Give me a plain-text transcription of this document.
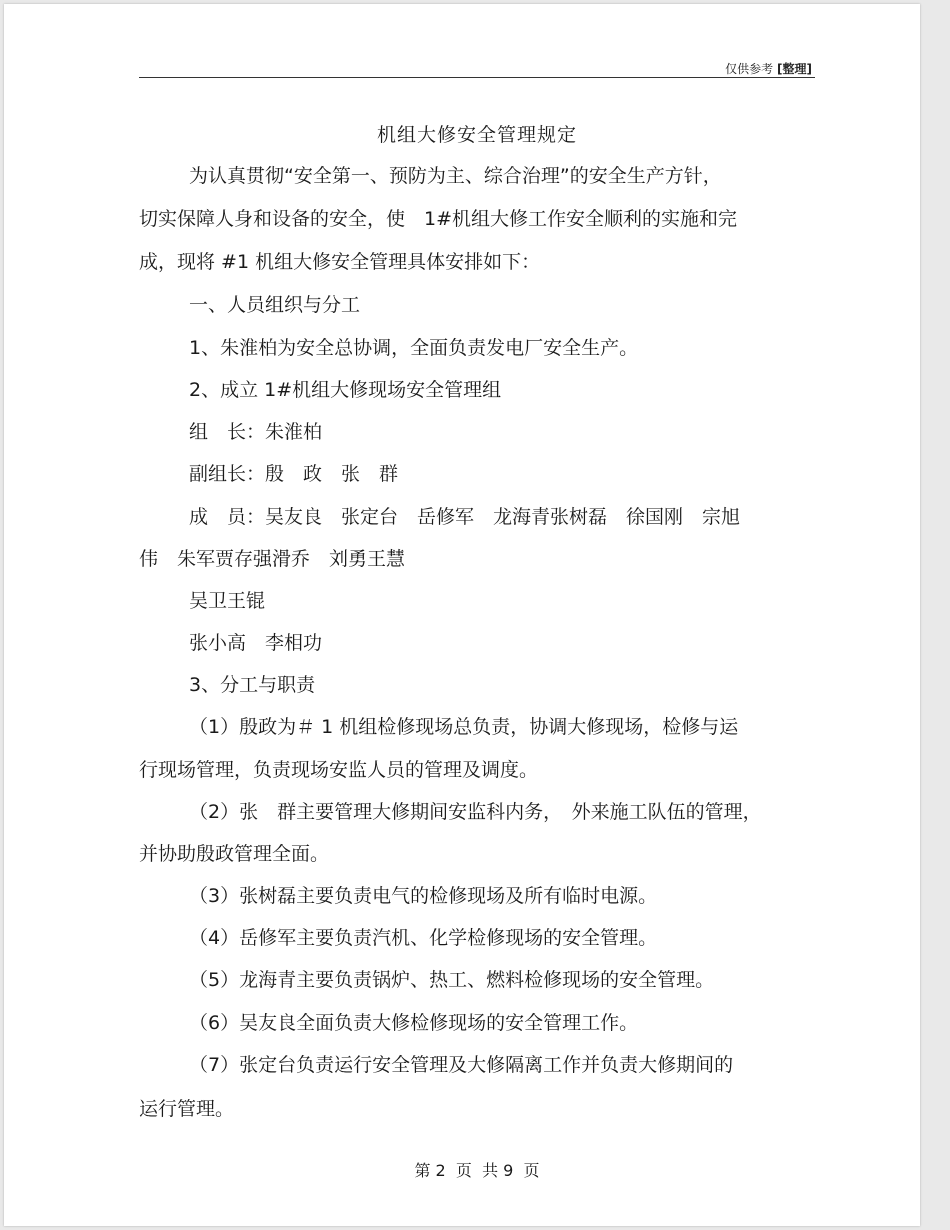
仅供参考 [整理]
机组大修安全管理规定
为认真贯彻“安全第一、预防为主、综合治理”的安全生产方针，
切实保障人身和设备的安全，使　1#机组大修工作安全顺利的实施和完
成，现将 #1 机组大修安全管理具体安排如下：
一、人员组织与分工
1、朱淮柏为安全总协调，全面负责发电厂安全生产。
2、成立 1#机组大修现场安全管理组
组　长：朱淮柏
副组长：殷　政　张　群
成　员：吴友良　张定台　岳修军　龙海青张树磊　徐国刚　宗旭
伟　朱军贾存强滑乔　刘勇王慧
吴卫王锟
张小高　李相功
3、分工与职责
（1）殷政为＃ 1 机组检修现场总负责，协调大修现场，检修与运
行现场管理，负责现场安监人员的管理及调度。
（2）张　群主要管理大修期间安监科内务，　外来施工队伍的管理，
并协助殷政管理全面。
（3）张树磊主要负责电气的检修现场及所有临时电源。
（4）岳修军主要负责汽机、化学检修现场的安全管理。
（5）龙海青主要负责锅炉、热工、燃料检修现场的安全管理。
（6）吴友良全面负责大修检修现场的安全管理工作。
（7）张定台负责运行安全管理及大修隔离工作并负责大修期间的
运行管理。
第 2  页  共 9  页
